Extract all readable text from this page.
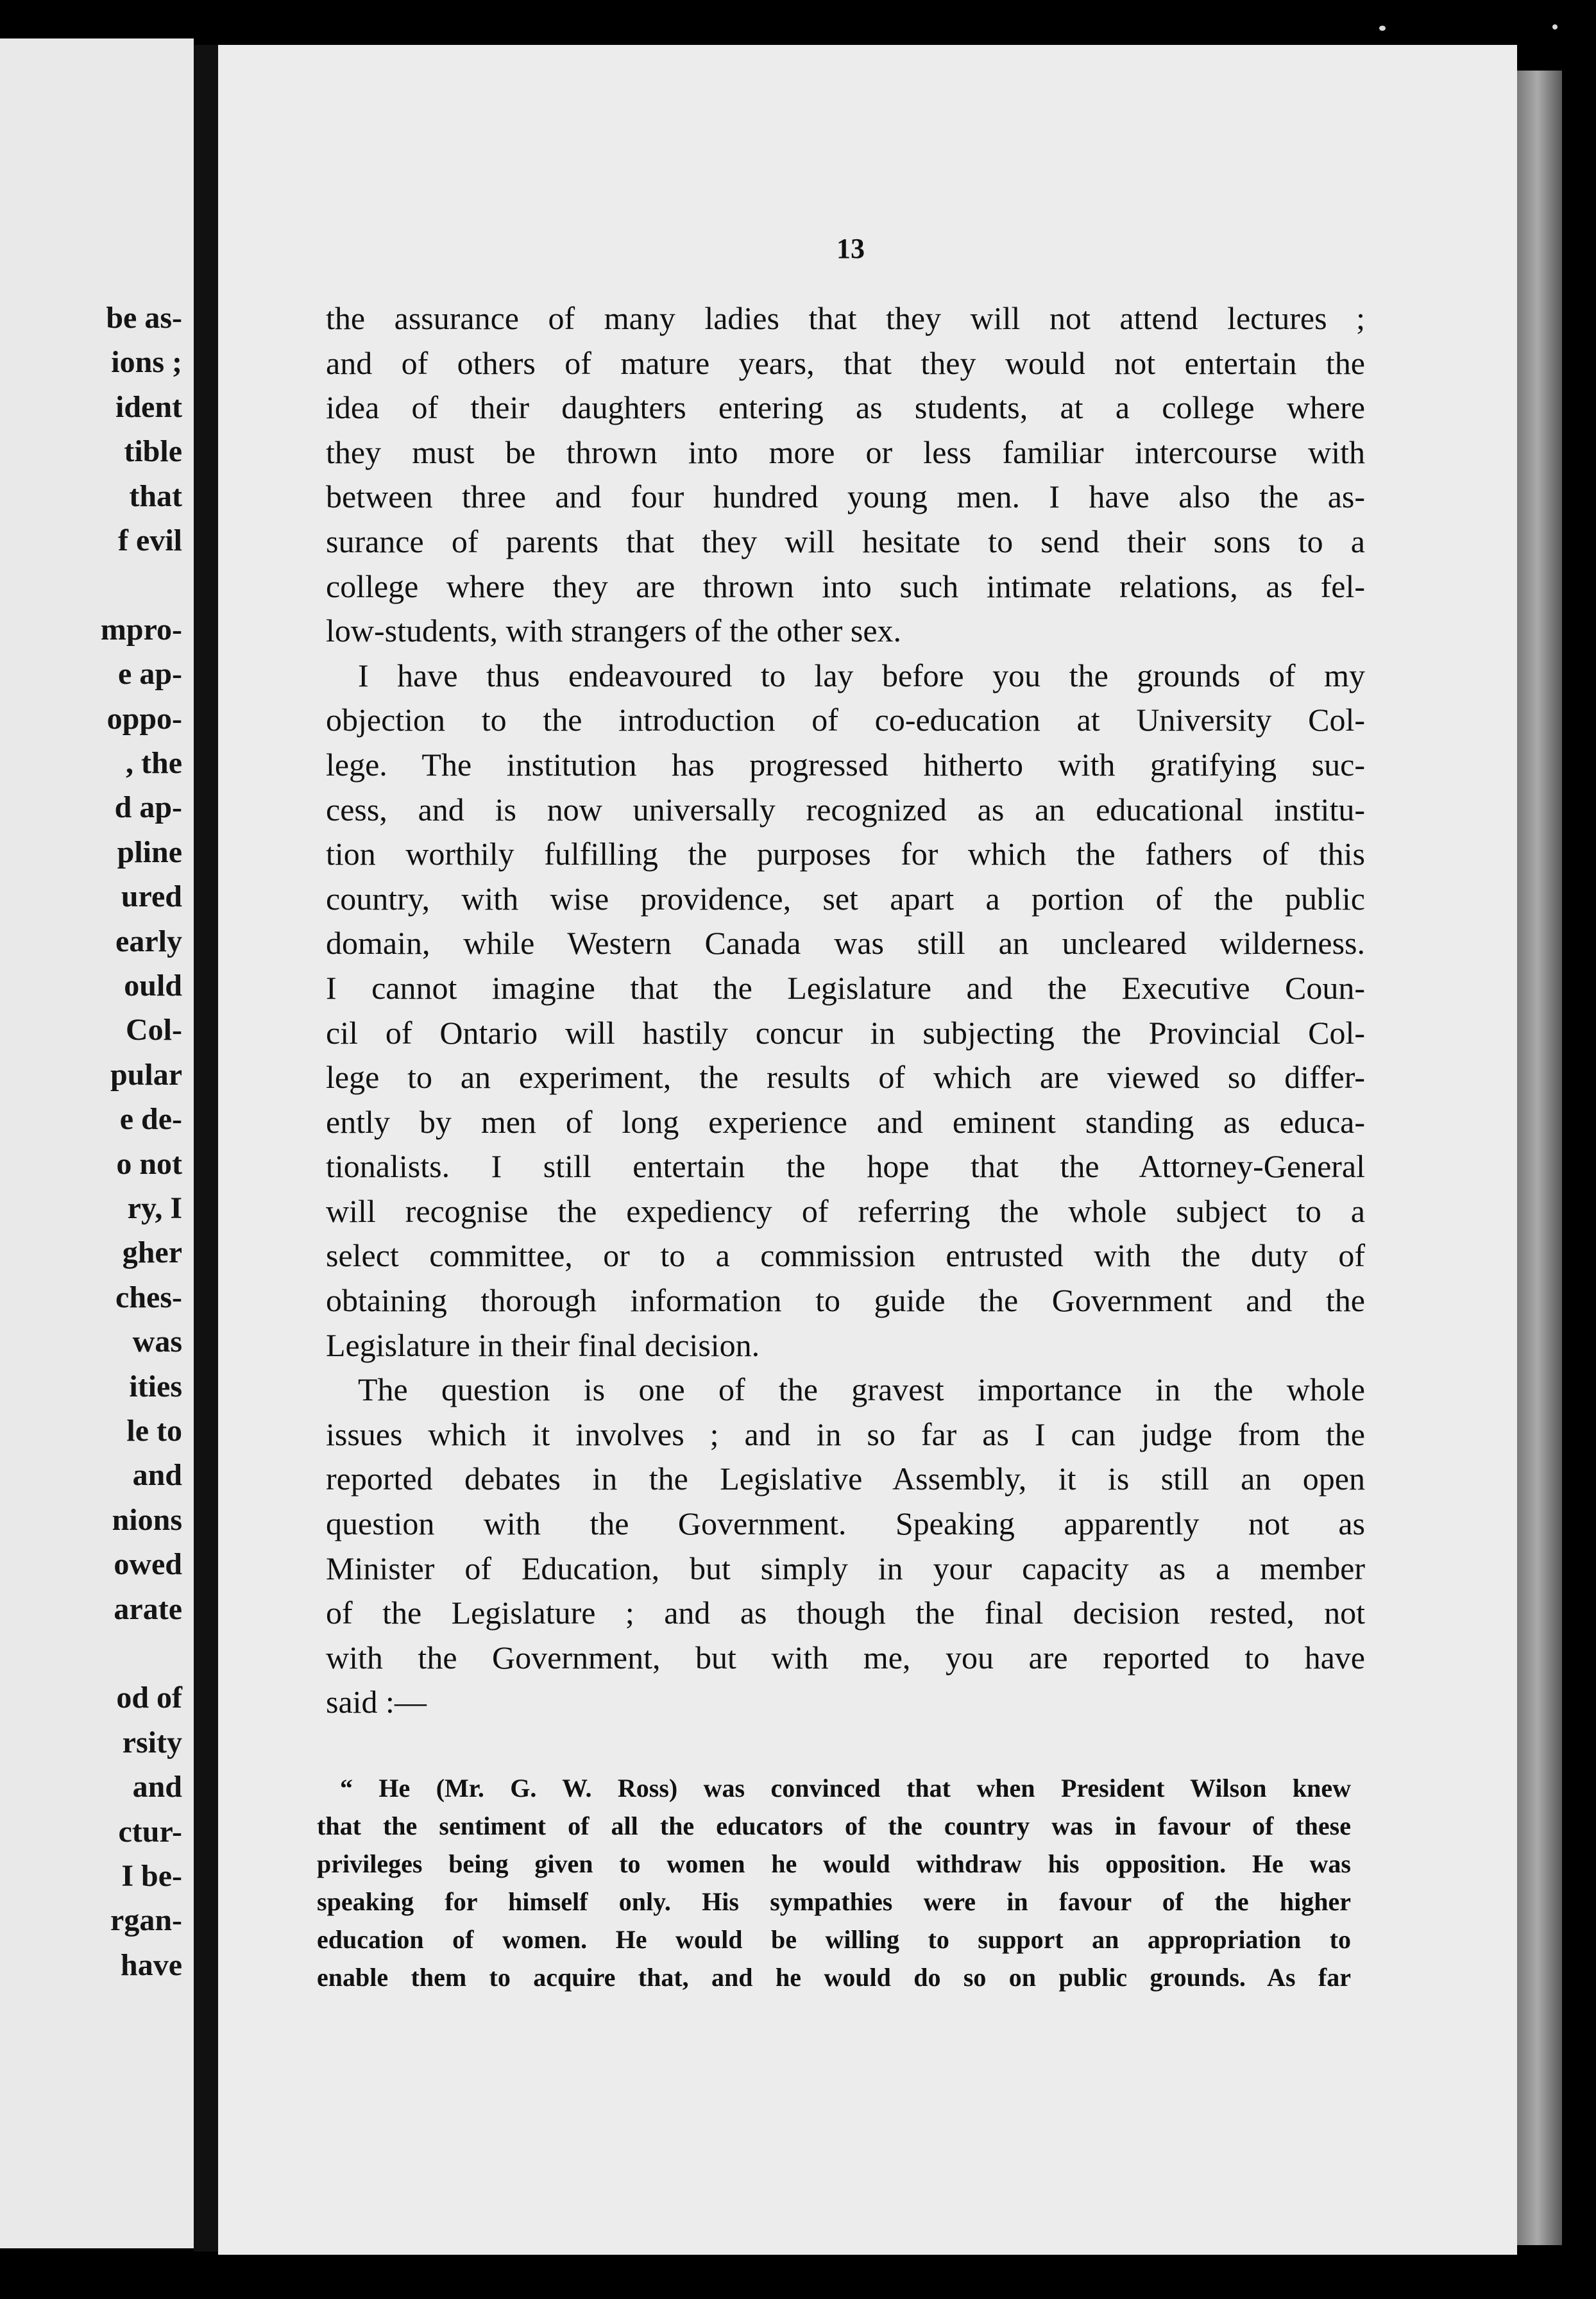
be as-
ions ;
ident
tible
that
f evil
mpro-
e ap-
oppo-
, the
d ap-
pline
ured
early
ould
Col-
pular
e de-
o not
ry, I
gher
ches-
was
ities
le to
and
nions
owed
arate
od of
rsity
and
ctur-
I be-
rgan-
have
13
the assurance of many ladies that they will not attend lectures ;
and of others of mature years, that they would not entertain the
idea of their daughters entering as students, at a college where
they must be thrown into more or less familiar intercourse with
between three and four hundred young men. I have also the as-
surance of parents that they will hesitate to send their sons to a
college where they are thrown into such intimate relations, as fel-
low-students, with strangers of the other sex.
I have thus endeavoured to lay before you the grounds of my
objection to the introduction of co-education at University Col-
lege. The institution has progressed hitherto with gratifying suc-
cess, and is now universally recognized as an educational institu-
tion worthily fulfilling the purposes for which the fathers of this
country, with wise providence, set apart a portion of the public
domain, while Western Canada was still an uncleared wilderness.
I cannot imagine that the Legislature and the Executive Coun-
cil of Ontario will hastily concur in subjecting the Provincial Col-
lege to an experiment, the results of which are viewed so differ-
ently by men of long experience and eminent standing as educa-
tionalists. I still entertain the hope that the Attorney-General
will recognise the expediency of referring the whole subject to a
select committee, or to a commission entrusted with the duty of
obtaining thorough information to guide the Government and the
Legislature in their final decision.
The question is one of the gravest importance in the whole
issues which it involves ; and in so far as I can judge from the
reported debates in the Legislative Assembly, it is still an open
question with the Government. Speaking apparently not as
Minister of Education, but simply in your capacity as a member
of the Legislature ; and as though the final decision rested, not
with the Government, but with me, you are reported to have
said :—
“ He (Mr. G. W. Ross) was convinced that when President Wilson knew
that the sentiment of all the educators of the country was in favour of these
privileges being given to women he would withdraw his opposition. He was
speaking for himself only. His sympathies were in favour of the higher
education of women. He would be willing to support an appropriation to
enable them to acquire that, and he would do so on public grounds. As far
